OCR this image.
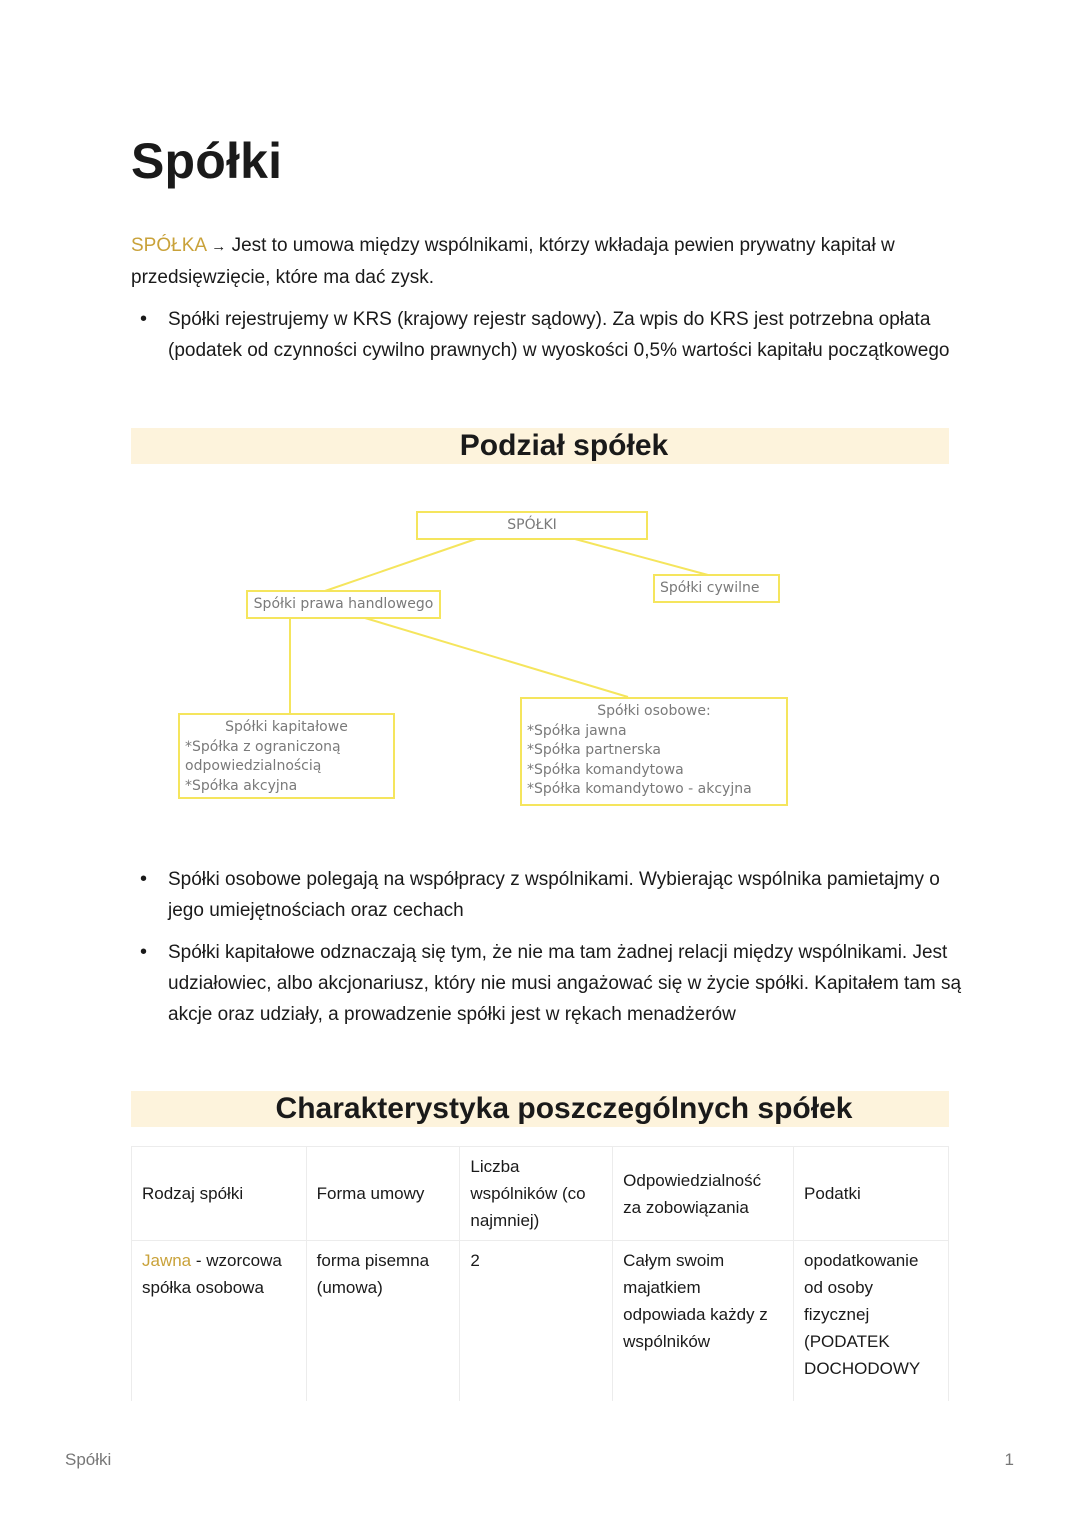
Spółki

SPÓŁKA → Jest to umowa między wspólnikami, którzy wkładaja pewien prywatny kapitał w przedsięwzięcie, które ma dać zysk.

• Spółki rejestrujemy w KRS (krajowy rejestr sądowy). Za wpis do KRS jest potrzebna opłata (podatek od czynności cywilno prawnych) w wyoskości 0,5% wartości kapitału początkowego

Podział spółek
SPÓŁKI
Spółki prawa handlowego
Spółki cywilne
Spółki kapitałowe
*Spółka z ograniczoną
odpowiedzialnością
*Spółka akcyjna
Spółki osobowe:
*Spółka jawna
*Spółka partnerska
*Spółka komandytowa
*Spółka komandytowo - akcyjna

• Spółki osobowe polegają na współpracy z wspólnikami. Wybierając wspólnika pamietajmy o jego umiejętnościach oraz cechach

• Spółki kapitałowe odznaczają się tym, że nie ma tam żadnej relacji między wspólnikami. Jest udziałowiec, albo akcjonariusz, który nie musi angażować się w życie spółki. Kapitałem tam są akcje oraz udziały, a prowadzenie spółki jest w rękach menadżerów

Charakterystyka poszczególnych spółek
Rodzaj spółki	Forma umowy	Liczba wspólników (co najmniej)	Odpowiedzialność za zobowiązania	Podatki
Jawna - wzorcowa spółka osobowa	forma pisemna (umowa)	2	Całym swoim majatkiem odpowiada każdy z wspólników	opodatkowanie od osoby fizycznej (PODATEK DOCHODOWY
Spółki	1
